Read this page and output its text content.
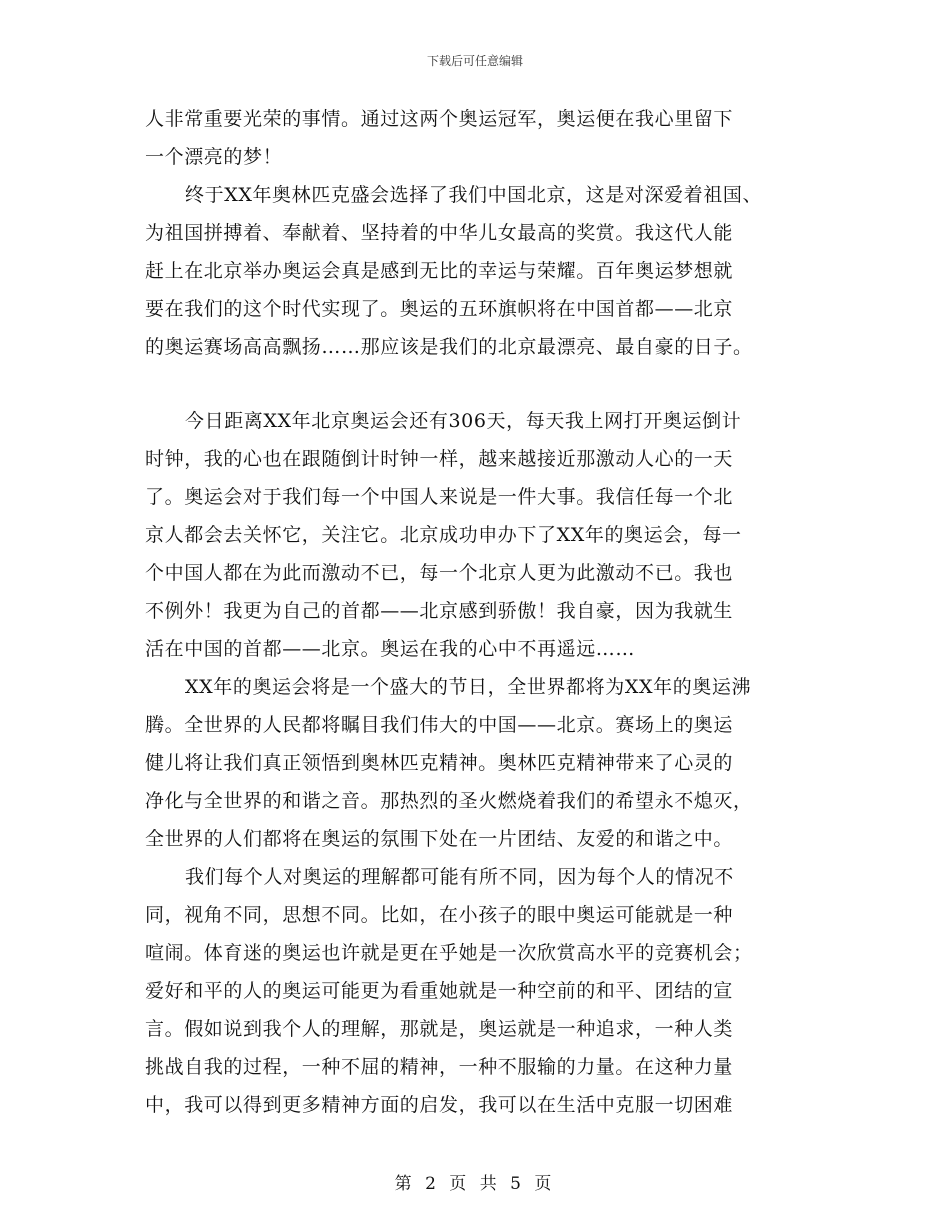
下载后可任意编辑
人非常重要光荣的事情。通过这两个奥运冠军，奥运便在我心里留下
一个漂亮的梦！
终于XX年奥林匹克盛会选择了我们中国北京，这是对深爱着祖国、
为祖国拼搏着、奉献着、坚持着的中华儿女最高的奖赏。我这代人能
赶上在北京举办奥运会真是感到无比的幸运与荣耀。百年奥运梦想就
要在我们的这个时代实现了。奥运的五环旗帜将在中国首都——北京
的奥运赛场高高飘扬……那应该是我们的北京最漂亮、最自豪的日子。
今日距离XX年北京奥运会还有306天，每天我上网打开奥运倒计
时钟，我的心也在跟随倒计时钟一样，越来越接近那激动人心的一天
了。奥运会对于我们每一个中国人来说是一件大事。我信任每一个北
京人都会去关怀它，关注它。北京成功申办下了XX年的奥运会，每一
个中国人都在为此而激动不已，每一个北京人更为此激动不已。我也
不例外！我更为自己的首都——北京感到骄傲！我自豪，因为我就生
活在中国的首都——北京。奥运在我的心中不再遥远……
XX年的奥运会将是一个盛大的节日，全世界都将为XX年的奥运沸
腾。全世界的人民都将瞩目我们伟大的中国——北京。赛场上的奥运
健儿将让我们真正领悟到奥林匹克精神。奥林匹克精神带来了心灵的
净化与全世界的和谐之音。那热烈的圣火燃烧着我们的希望永不熄灭，
全世界的人们都将在奥运的氛围下处在一片团结、友爱的和谐之中。
我们每个人对奥运的理解都可能有所不同，因为每个人的情况不
同，视角不同，思想不同。比如，在小孩子的眼中奥运可能就是一种
喧闹。体育迷的奥运也许就是更在乎她是一次欣赏高水平的竞赛机会；
爱好和平的人的奥运可能更为看重她就是一种空前的和平、团结的宣
言。假如说到我个人的理解，那就是，奥运就是一种追求，一种人类
挑战自我的过程，一种不屈的精神，一种不服输的力量。在这种力量
中，我可以得到更多精神方面的启发，我可以在生活中克服一切困难
第 2 页 共 5 页
